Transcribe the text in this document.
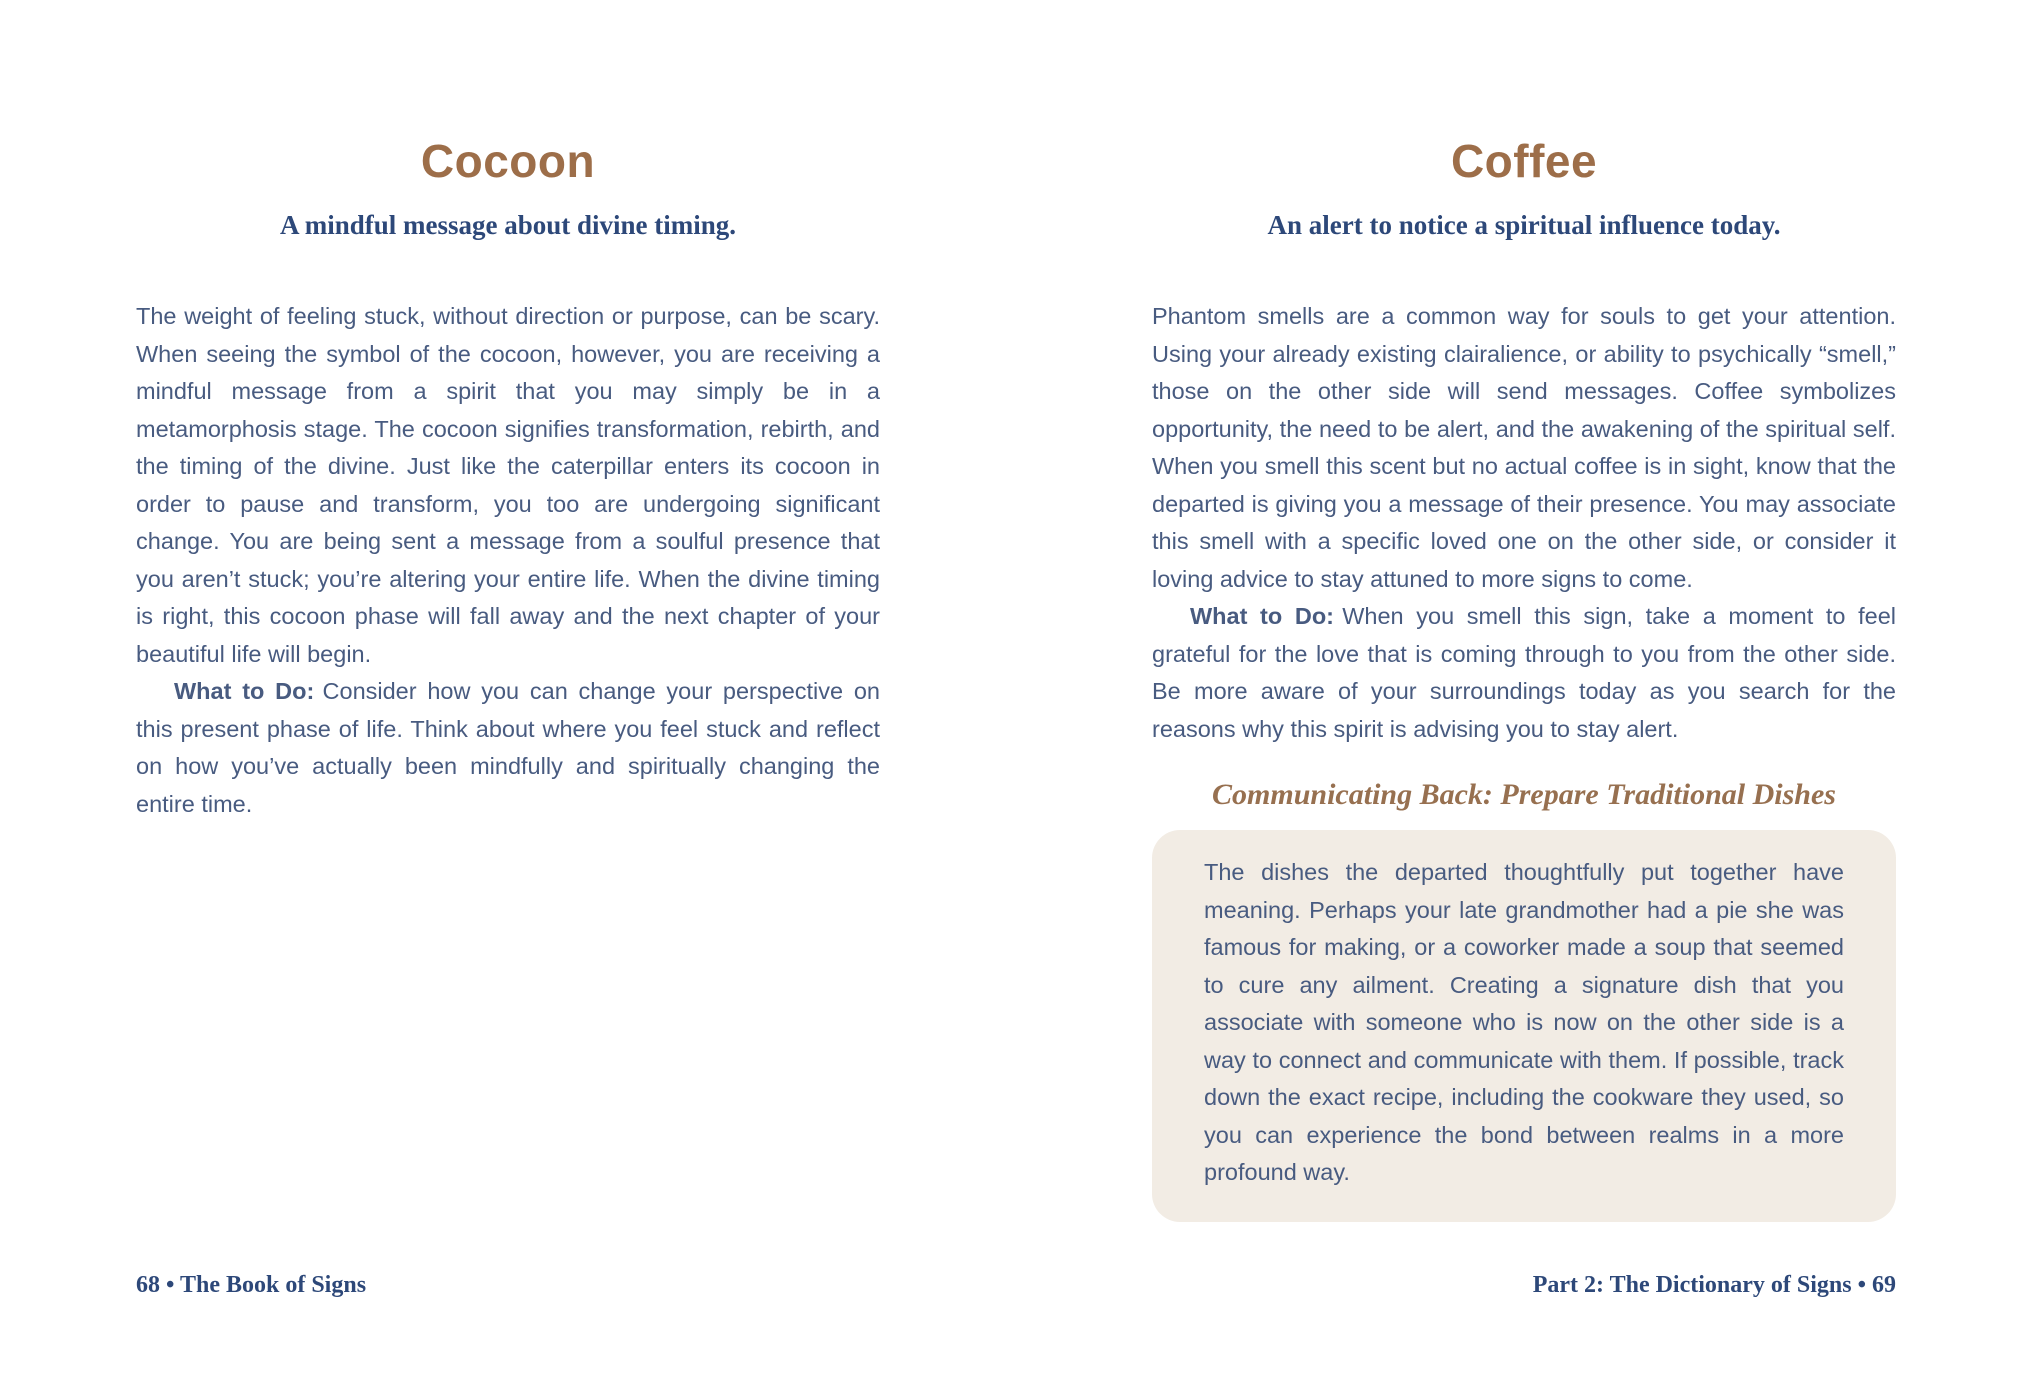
Cocoon
A mindful message about divine timing.

The weight of feeling stuck, without direction or purpose, can be scary. When seeing the symbol of the cocoon, however, you are receiving a mindful message from a spirit that you may simply be in a metamorphosis stage. The cocoon signifies transformation, rebirth, and the timing of the divine. Just like the caterpillar enters its cocoon in order to pause and transform, you too are undergoing significant change. You are being sent a message from a soulful presence that you aren’t stuck; you’re altering your entire life. When the divine timing is right, this cocoon phase will fall away and the next chapter of your beautiful life will begin.

What to Do: Consider how you can change your perspective on this present phase of life. Think about where you feel stuck and reflect on how you’ve actually been mindfully and spiritually changing the entire time.

68 • The Book of Signs
Coffee
An alert to notice a spiritual influence today.

Phantom smells are a common way for souls to get your attention. Using your already existing clairalience, or ability to psychically “smell,” those on the other side will send messages. Coffee symbolizes opportunity, the need to be alert, and the awakening of the spiritual self. When you smell this scent but no actual coffee is in sight, know that the departed is giving you a message of their presence. You may associate this smell with a specific loved one on the other side, or consider it loving advice to stay attuned to more signs to come.

What to Do: When you smell this sign, take a moment to feel grateful for the love that is coming through to you from the other side. Be more aware of your surroundings today as you search for the reasons why this spirit is advising you to stay alert.

Communicating Back: Prepare Traditional Dishes

The dishes the departed thoughtfully put together have meaning. Perhaps your late grandmother had a pie she was famous for making, or a coworker made a soup that seemed to cure any ailment. Creating a signature dish that you associate with someone who is now on the other side is a way to connect and communicate with them. If possible, track down the exact recipe, including the cookware they used, so you can experience the bond between realms in a more profound way.

Part 2: The Dictionary of Signs • 69
